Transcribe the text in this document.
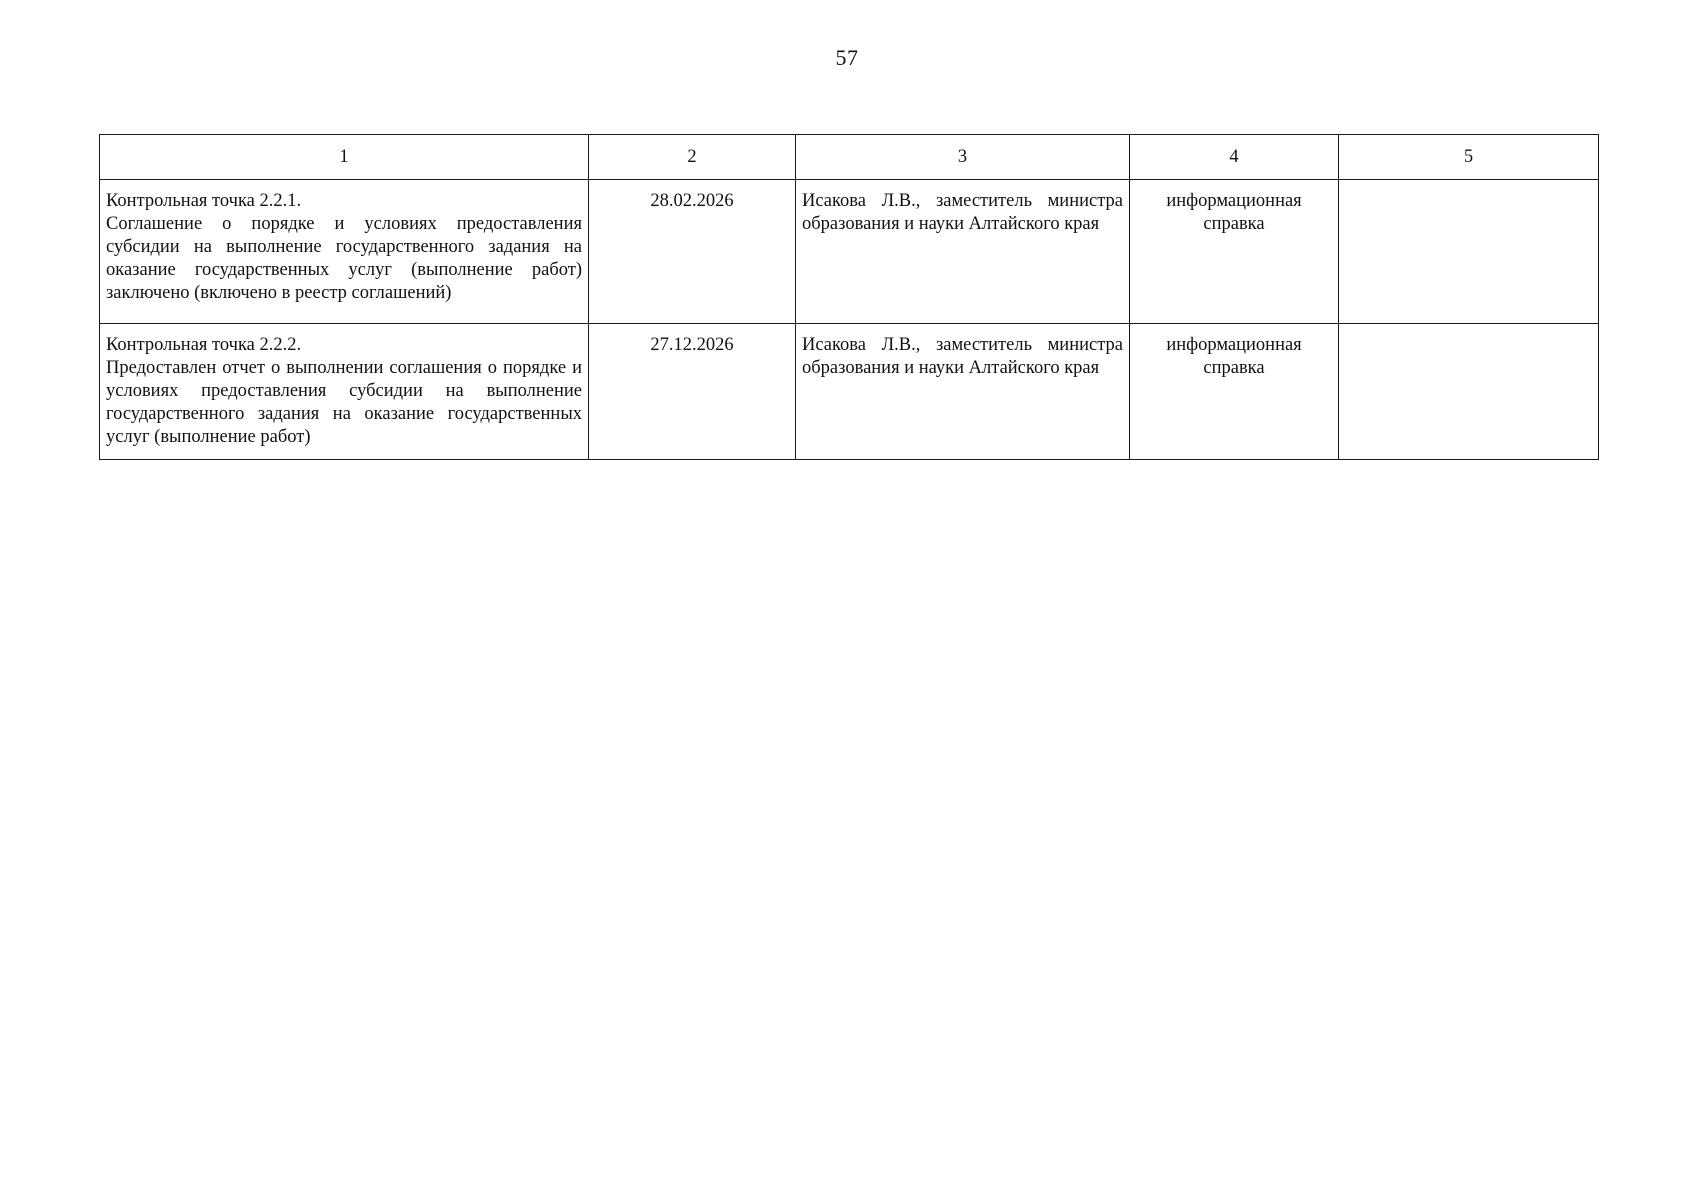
57
1	2	3	4	5

Контрольная точка 2.2.1.
Соглашение о порядке и условиях предоставления субсидии на выполнение государственного задания на оказание государственных услуг (выполнение работ) заключено (включено в реестр соглашений)	28.02.2026	Исакова Л.В., заместитель министра образования и науки Алтайского края	информационная справка	

Контрольная точка 2.2.2.
Предоставлен отчет о выполнении соглашения о порядке и условиях предоставления субсидии на выполнение государственного задания на оказание государственных услуг (выполнение работ)	27.12.2026	Исакова Л.В., заместитель министра образования и науки Алтайского края	информационная справка	
